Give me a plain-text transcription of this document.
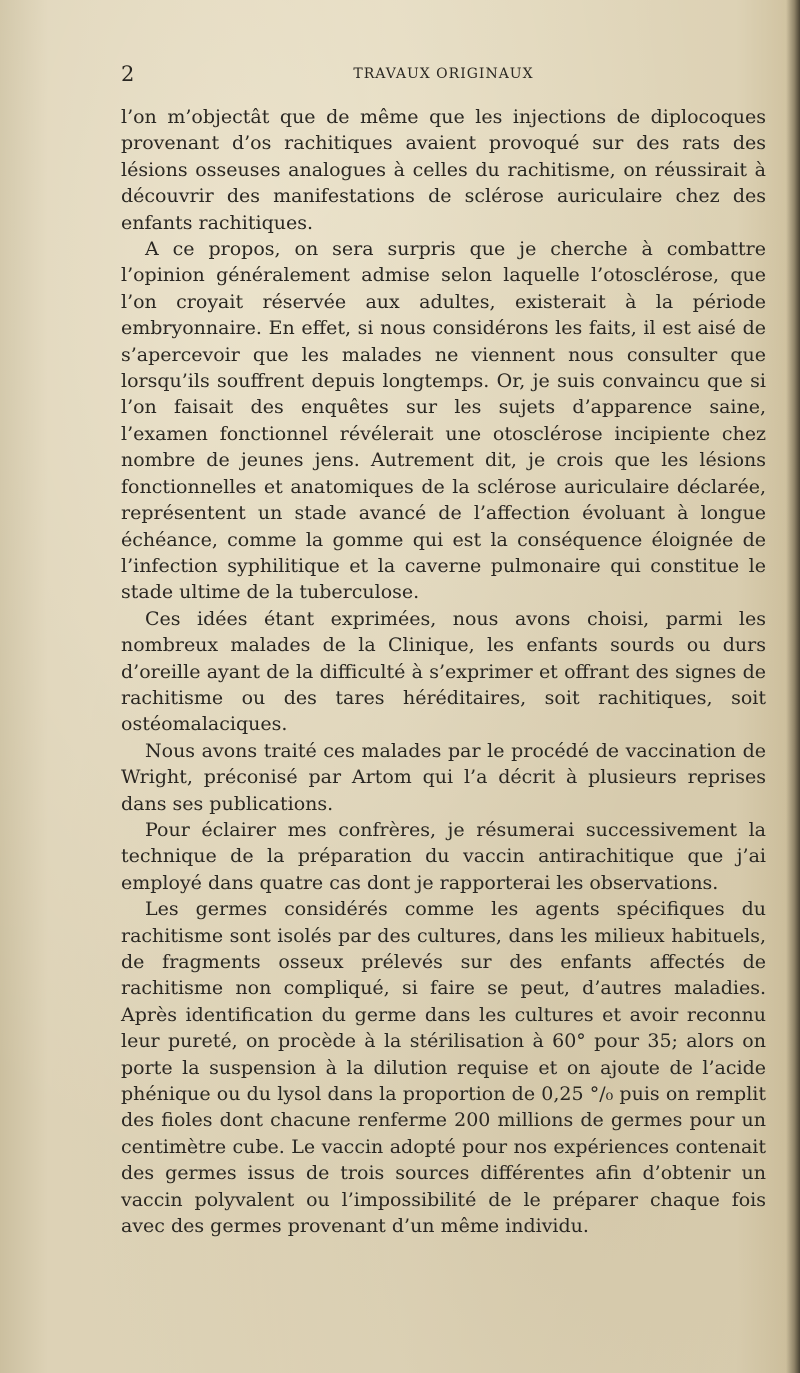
2	TRAVAUX ORIGINAUX

l’on m’objectât que de même que les injections de diplocoques provenant d’os rachitiques avaient provoqué sur des rats des lésions osseuses analogues à celles du rachitisme, on réussirait à découvrir des manifestations de sclérose auriculaire chez des enfants rachitiques.

A ce propos, on sera surpris que je cherche à combattre l’opinion généralement admise selon laquelle l’otosclérose, que l’on croyait réservée aux adultes, existerait à la période embryonnaire. En effet, si nous considérons les faits, il est aisé de s’apercevoir que les malades ne viennent nous consulter que lorsqu’ils souffrent depuis longtemps. Or, je suis convaincu que si l’on faisait des enquêtes sur les sujets d’apparence saine, l’examen fonctionnel révélerait une otosclérose incipiente chez nombre de jeunes jens. Autrement dit, je crois que les lésions fonctionnelles et anatomiques de la sclérose auriculaire déclarée, représentent un stade avancé de l’affection évoluant à longue échéance, comme la gomme qui est la conséquence éloignée de l’infection syphilitique et la caverne pulmonaire qui constitue le stade ultime de la tuberculose.

Ces idées étant exprimées, nous avons choisi, parmi les nombreux malades de la Clinique, les enfants sourds ou durs d’oreille ayant de la difficulté à s’exprimer et offrant des signes de rachitisme ou des tares héréditaires, soit rachitiques, soit ostéomalaciques.

Nous avons traité ces malades par le procédé de vaccination de Wright, préconisé par Artom qui l’a décrit à plusieurs reprises dans ses publications.

Pour éclairer mes confrères, je résumerai successivement la technique de la préparation du vaccin antirachitique que j’ai employé dans quatre cas dont je rapporterai les observations.

Les germes considérés comme les agents spécifiques du rachitisme sont isolés par des cultures, dans les milieux habituels, de fragments osseux prélevés sur des enfants affectés de rachitisme non compliqué, si faire se peut, d’autres maladies. Après identification du germe dans les cultures et avoir reconnu leur pureté, on procède à la stérilisation à 60° pour 35; alors on porte la suspension à la dilution requise et on ajoute de l’acide phénique ou du lysol dans la proportion de 0,25 °/₀ puis on remplit des fioles dont chacune renferme 200 millions de germes pour un centimètre cube. Le vaccin adopté pour nos expériences contenait des germes issus de trois sources différentes afin d’obtenir un vaccin polyvalent ou l’impossibilité de le préparer chaque fois avec des germes provenant d’un même individu.
